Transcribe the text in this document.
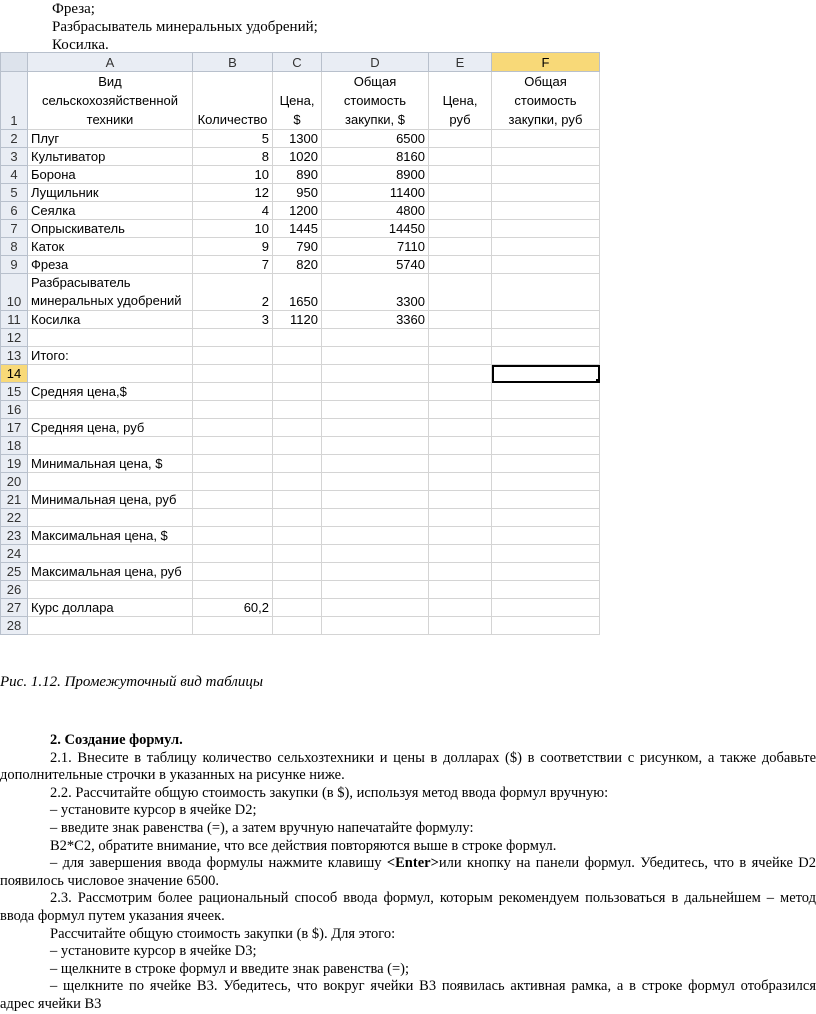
Фреза;
Разбрасыватель минеральных удобрений;
Косилка.
	A	B	C	D	E	F
1	Вид
сельскохозяйственной
техники	Количество	Цена,
$	Общая
стоимость
закупки, $	Цена,
руб	Общая
стоимость
закупки, руб
2	Плуг	5	1300	6500		
3	Культиватор	8	1020	8160		
4	Борона	10	890	8900		
5	Лущильник	12	950	11400		
6	Сеялка	4	1200	4800		
7	Опрыскиватель	10	1445	14450		
8	Каток	9	790	7110		
9	Фреза	7	820	5740		
10	Разбрасыватель минеральных удобрений	2	1650	3300		
11	Косилка	3	1120	3360		
12						
13	Итого:					
14						
15	Средняя цена,$					
16						
17	Средняя цена, руб					
18						
19	Минимальная цена, $					
20						
21	Минимальная цена, руб					
22						
23	Максимальная цена, $					
24						
25	Максимальная цена, руб					
26						
27	Курс доллара	60,2				
28						
Рис. 1.12. Промежуточный вид таблицы

2. Создание формул.

2.1. Внесите в таблицу количество сельхозтехники и цены в долларах ($) в соответствии с рисунком, а также добавьте дополнительные строчки в указанных на рисунке ниже.

2.2. Рассчитайте общую стоимость закупки (в $), используя метод ввода формул вручную:

– установите курсор в ячейке D2;

– введите знак равенства (=), а затем вручную напечатайте формулу:

В2*С2, обратите внимание, что все действия повторяются выше в строке формул.

– для завершения ввода формулы нажмите клавишу <Enter>или кнопку на панели формул. Убедитесь, что в ячейке D2 появилось числовое значение 6500.

2.3. Рассмотрим более рациональный способ ввода формул, которым рекомендуем пользоваться в дальнейшем – метод ввода формул путем указания ячеек.

Рассчитайте общую стоимость закупки (в $). Для этого:

– установите курсор в ячейке D3;

– щелкните в строке формул и введите знак равенства (=);

– щелкните по ячейке В3. Убедитесь, что вокруг ячейки В3 появилась активная рамка, а в строке формул отобразился адрес ячейки В3
